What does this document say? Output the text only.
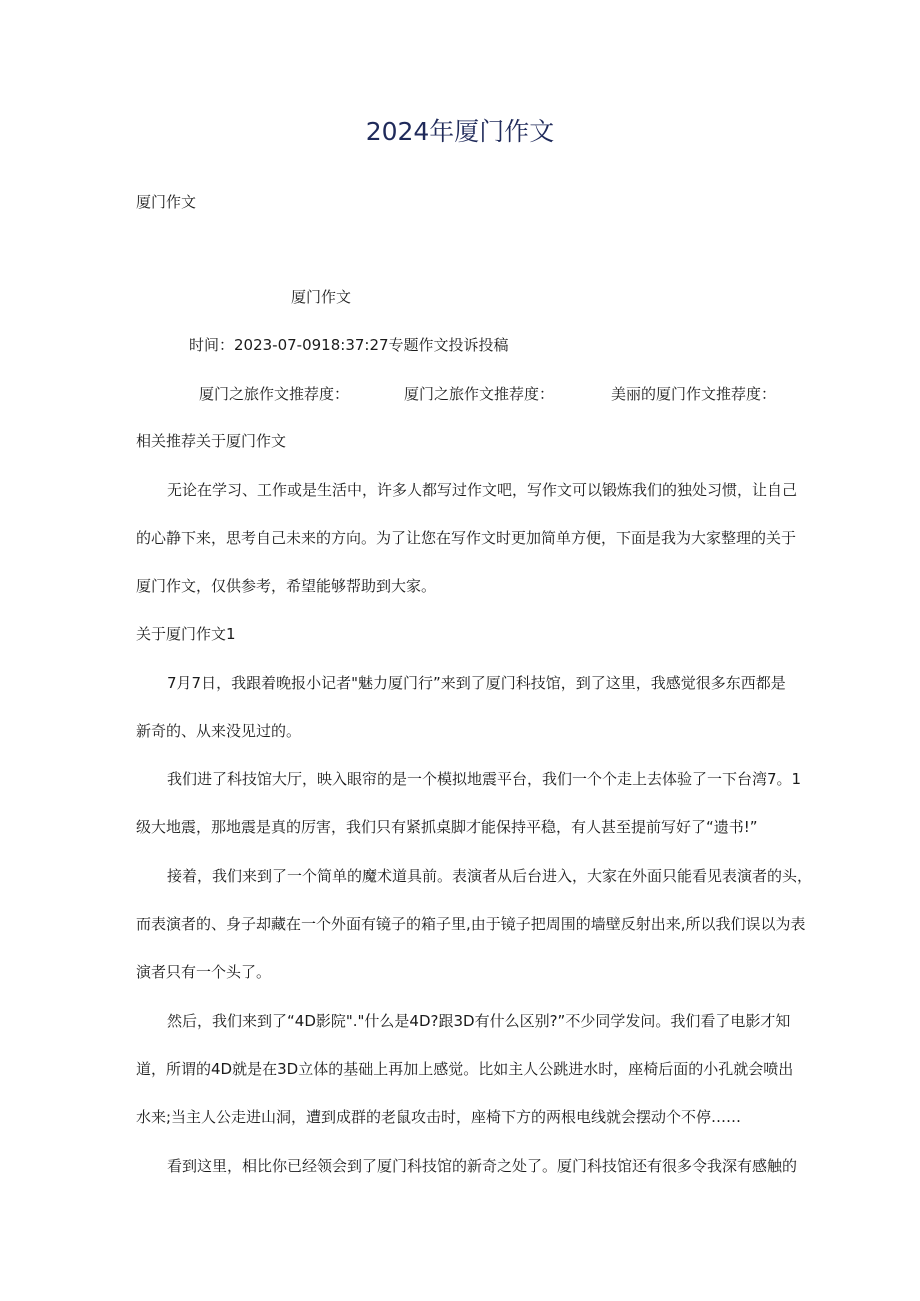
2024年厦门作文
厦门作文
厦门作文
时间：2023-07-0918:37:27专题作文投诉投稿
厦门之旅作文推荐度：	厦门之旅作文推荐度：	美丽的厦门作文推荐度：
相关推荐关于厦门作文
无论在学习、工作或是生活中，许多人都写过作文吧，写作文可以锻炼我们的独处习惯，让自己
的心静下来，思考自己未来的方向。为了让您在写作文时更加简单方便，下面是我为大家整理的关于
厦门作文，仅供参考，希望能够帮助到大家。
关于厦门作文1
7月7日，我跟着晚报小记者"魅力厦门行”来到了厦门科技馆，到了这里，我感觉很多东西都是
新奇的、从来没见过的。
我们进了科技馆大厅，映入眼帘的是一个模拟地震平台，我们一个个走上去体验了一下台湾7。1
级大地震，那地震是真的厉害，我们只有紧抓桌脚才能保持平稳，有人甚至提前写好了“遗书!”
接着，我们来到了一个简单的魔术道具前。表演者从后台进入，大家在外面只能看见表演者的头，
而表演者的、身子却藏在一个外面有镜子的箱子里,由于镜子把周围的墙壁反射出来,所以我们误以为表
演者只有一个头了。
然后，我们来到了“4D影院"."什么是4D?跟3D有什么区别?”不少同学发问。我们看了电影才知
道，所谓的4D就是在3D立体的基础上再加上感觉。比如主人公跳进水时，座椅后面的小孔就会喷出
水来;当主人公走进山洞，遭到成群的老鼠攻击时，座椅下方的两根电线就会摆动个不停……
看到这里，相比你已经领会到了厦门科技馆的新奇之处了。厦门科技馆还有很多令我深有感触的
